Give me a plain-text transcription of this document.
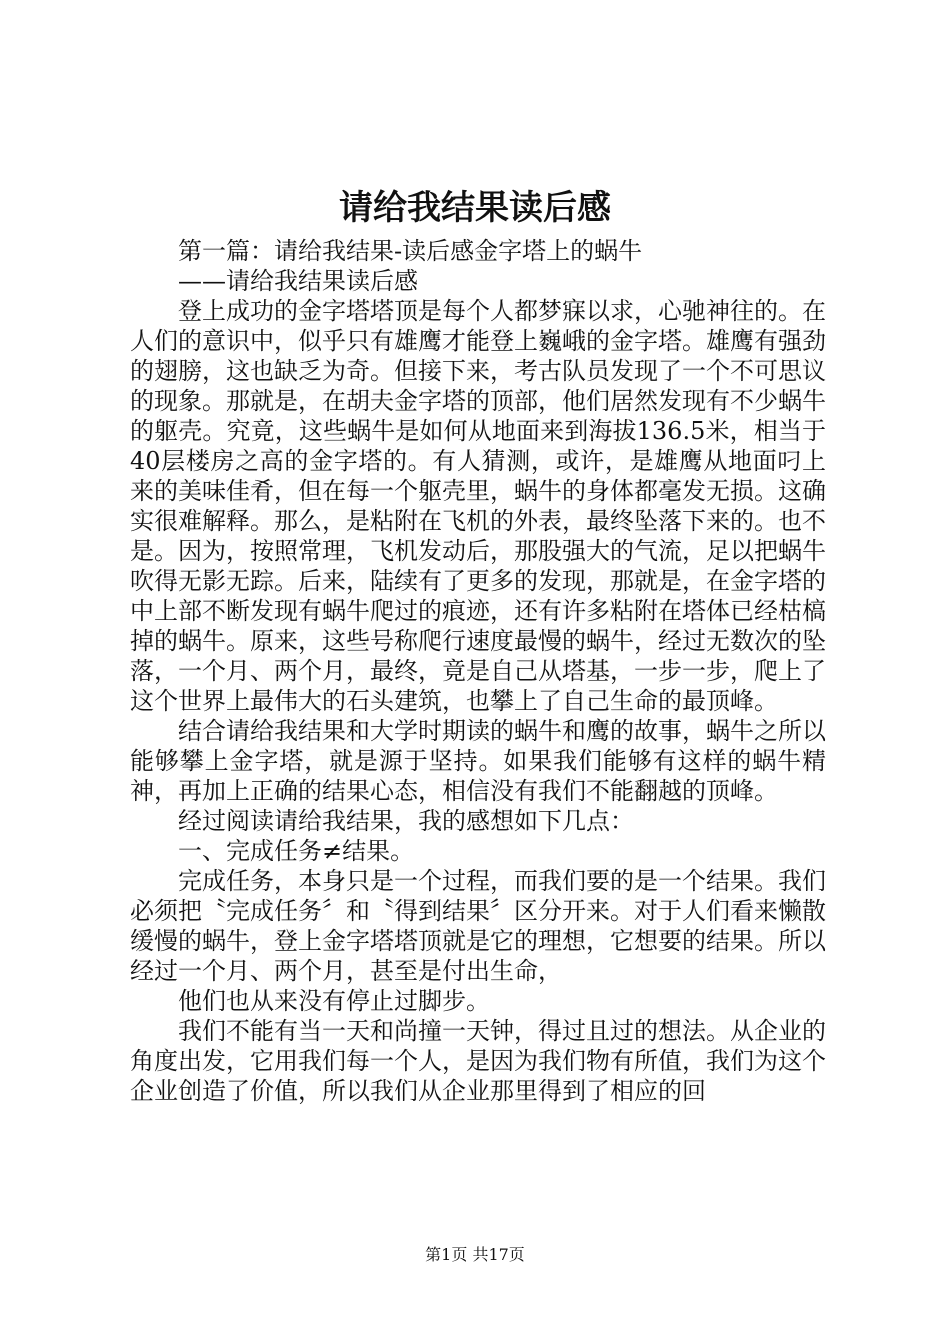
请给我结果读后感

第一篇：请给我结果-读后感金字塔上的蜗牛

——请给我结果读后感

登上成功的金字塔塔顶是每个人都梦寐以求，心驰神往的。在人们的意识中，似乎只有雄鹰才能登上巍峨的金字塔。雄鹰有强劲的翅膀，这也缺乏为奇。但接下来，考古队员发现了一个不可思议的现象。那就是，在胡夫金字塔的顶部，他们居然发现有不少蜗牛的躯壳。究竟，这些蜗牛是如何从地面来到海拔136.5米，相当于40层楼房之高的金字塔的。有人猜测，或许，是雄鹰从地面叼上来的美味佳肴，但在每一个躯壳里，蜗牛的身体都毫发无损。这确实很难解释。那么，是粘附在飞机的外表，最终坠落下来的。也不是。因为，按照常理，飞机发动后，那股强大的气流，足以把蜗牛吹得无影无踪。后来，陆续有了更多的发现，那就是，在金字塔的中上部不断发现有蜗牛爬过的痕迹，还有许多粘附在塔体已经枯槁掉的蜗牛。原来，这些号称爬行速度最慢的蜗牛，经过无数次的坠落，一个月、两个月，最终，竟是自己从塔基，一步一步，爬上了这个世界上最伟大的石头建筑，也攀上了自己生命的最顶峰。

结合请给我结果和大学时期读的蜗牛和鹰的故事，蜗牛之所以能够攀上金字塔，就是源于坚持。如果我们能够有这样的蜗牛精神，再加上正确的结果心态，相信没有我们不能翻越的顶峰。

经过阅读请给我结果，我的感想如下几点：

一、完成任务≠结果。

完成任务，本身只是一个过程，而我们要的是一个结果。我们必须把〝完成任务〞和〝得到结果〞区分开来。对于人们看来懒散缓慢的蜗牛，登上金字塔塔顶就是它的理想，它想要的结果。所以经过一个月、两个月，甚至是付出生命，

他们也从来没有停止过脚步。

我们不能有当一天和尚撞一天钟，得过且过的想法。从企业的角度出发，它用我们每一个人，是因为我们物有所值，我们为这个企业创造了价值，所以我们从企业那里得到了相应的回

第1页 共17页
